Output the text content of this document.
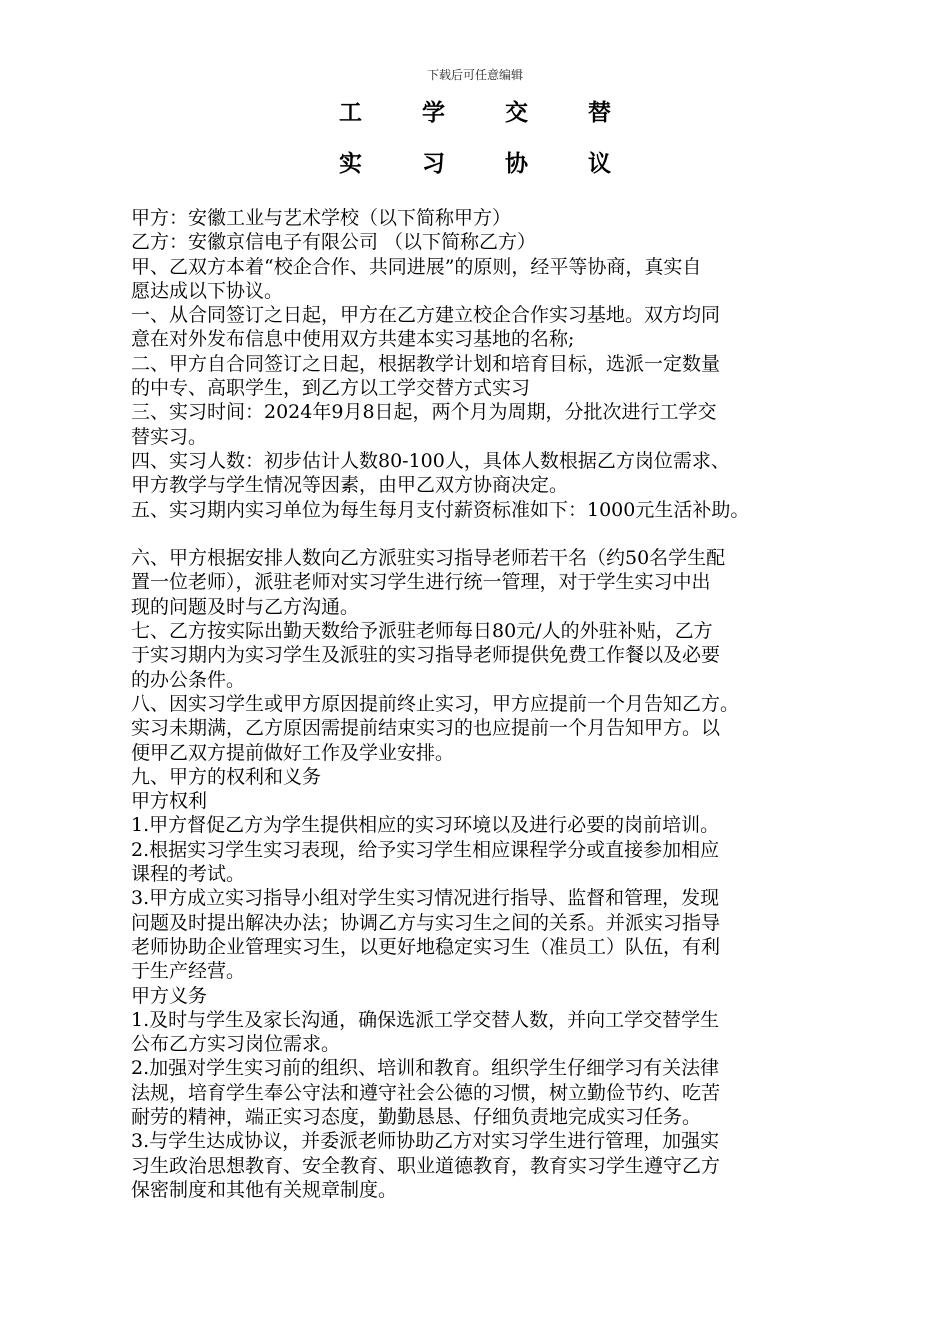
下载后可任意编辑
工 学 交 替
实 习 协 议

甲方：安徽工业与艺术学校（以下简称甲方）

乙方：安徽京信电子有限公司 （以下简称乙方）

甲、乙双方本着“校企合作、共同进展”的原则，经平等协商，真实自

愿达成以下协议。

一、从合同签订之日起，甲方在乙方建立校企合作实习基地。双方均同

意在对外发布信息中使用双方共建本实习基地的名称;

二、甲方自合同签订之日起，根据教学计划和培育目标，选派一定数量

的中专、高职学生，到乙方以工学交替方式实习

三、实习时间：2024年9月8日起，两个月为周期，分批次进行工学交

替实习。

四、实习人数：初步估计人数80-100人，具体人数根据乙方岗位需求、

甲方教学与学生情况等因素，由甲乙双方协商决定。

五、实习期内实习单位为每生每月支付薪资标准如下：1000元生活补助。

六、甲方根据安排人数向乙方派驻实习指导老师若干名（约50名学生配

置一位老师），派驻老师对实习学生进行统一管理，对于学生实习中出

现的问题及时与乙方沟通。

七、乙方按实际出勤天数给予派驻老师每日80元/人的外驻补贴，乙方

于实习期内为实习学生及派驻的实习指导老师提供免费工作餐以及必要

的办公条件。

八、因实习学生或甲方原因提前终止实习，甲方应提前一个月告知乙方。

实习未期满，乙方原因需提前结束实习的也应提前一个月告知甲方。以

便甲乙双方提前做好工作及学业安排。

九、甲方的权利和义务

甲方权利

1.甲方督促乙方为学生提供相应的实习环境以及进行必要的岗前培训。

2.根据实习学生实习表现，给予实习学生相应课程学分或直接参加相应

课程的考试。

3.甲方成立实习指导小组对学生实习情况进行指导、监督和管理，发现

问题及时提出解决办法；协调乙方与实习生之间的关系。并派实习指导

老师协助企业管理实习生，以更好地稳定实习生（准员工）队伍，有利

于生产经营。

甲方义务

1.及时与学生及家长沟通，确保选派工学交替人数，并向工学交替学生

公布乙方实习岗位需求。

2.加强对学生实习前的组织、培训和教育。组织学生仔细学习有关法律

法规，培育学生奉公守法和遵守社会公德的习惯，树立勤俭节约、吃苦

耐劳的精神，端正实习态度，勤勤恳恳、仔细负责地完成实习任务。

3.与学生达成协议，并委派老师协助乙方对实习学生进行管理，加强实

习生政治思想教育、安全教育、职业道德教育，教育实习学生遵守乙方

保密制度和其他有关规章制度。
